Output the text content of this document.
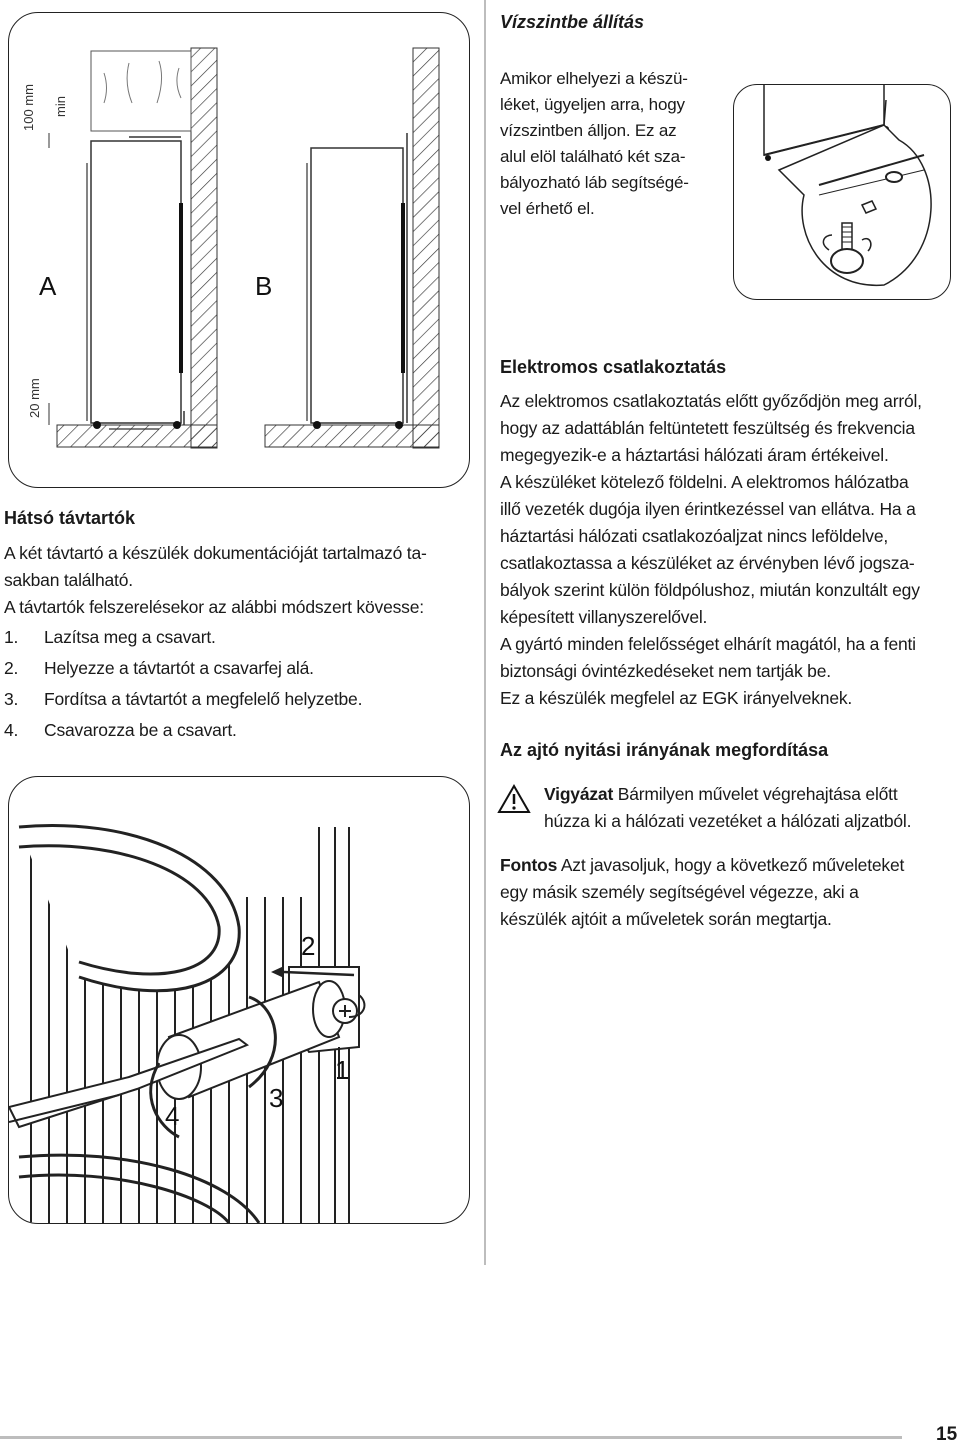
100 mm min
20 mm
A	B
Hátsó távtartók
A két távtartó a készülék dokumentációját tartalmazó ta-
sakban található.
A távtartók felszerelésekor az alábbi módszert kövesse:
1.	Lazítsa meg a csavart.
2.	Helyezze a távtartót a csavarfej alá.
3.	Fordítsa a távtartót a megfelelő helyzetbe.
4.	Csavarozza be a csavart.
2
1
3
4
Vízszintbe állítás
Amikor elhelyezi a készü-
léket, ügyeljen arra, hogy
vízszintben álljon. Ez az
alul elöl található két sza-
bályozható láb segítségé-
vel érhető el.
Elektromos csatlakoztatás
Az elektromos csatlakoztatás előtt győződjön meg arról,
hogy az adattáblán feltüntetett feszültség és frekvencia
megegyezik-e a háztartási hálózati áram értékeivel.
A készüléket kötelező földelni. A elektromos hálózatba
illő vezeték dugója ilyen érintkezéssel van ellátva. Ha a
háztartási hálózati csatlakozóaljzat nincs leföldelve,
csatlakoztassa a készüléket az érvényben lévő jogsza-
bályok szerint külön földpólushoz, miután konzultált egy
képesített villanyszerelővel.
A gyártó minden felelősséget elhárít magától, ha a fenti
biztonsági óvintézkedéseket nem tartják be.
Ez a készülék megfelel az EGK irányelveknek.
Az ajtó nyitási irányának megfordítása
Vigyázat Bármilyen művelet végrehajtása előtt
húzza ki a hálózati vezetéket a hálózati aljzatból.
Fontos Azt javasoljuk, hogy a következő műveleteket
egy másik személy segítségével végezze, aki a
készülék ajtóit a műveletek során megtartja.
15
